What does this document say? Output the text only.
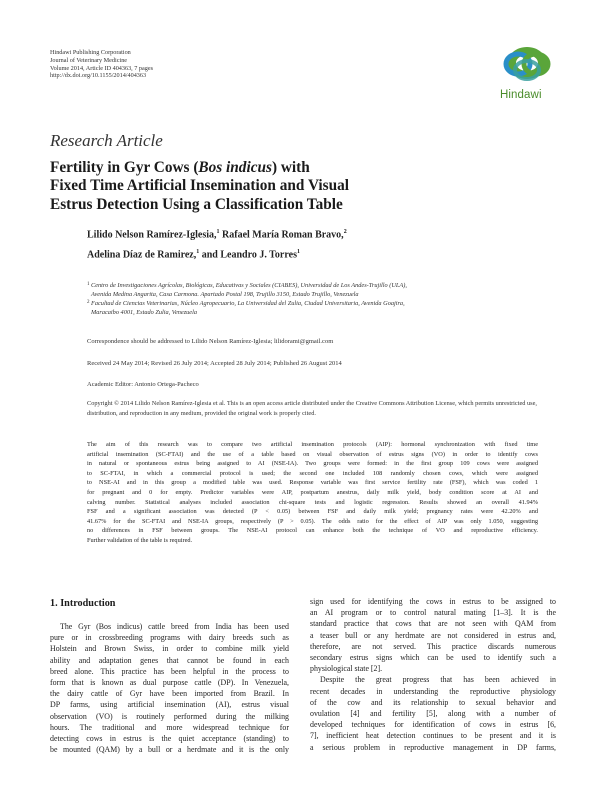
Hindawi Publishing Corporation
Journal of Veterinary Medicine
Volume 2014, Article ID 404363, 7 pages
http://dx.doi.org/10.1155/2014/404363
Hindawi
Research Article
Fertility in Gyr Cows (Bos indicus) with
Fixed Time Artificial Insemination and Visual
Estrus Detection Using a Classification Table
Lilido Nelson Ramírez-Iglesia,$^1$ Rafael María Roman Bravo,$^2$
Adelina Díaz de Ramirez,$^1$ and Leandro J. Torres$^1$
1 Centro de Investigaciones Agrícolas, Biológicas, Educativas y Sociales (CIABES), Universidad de Los Andes-Trujillo (ULA),
Avenida Medina Angarita, Casa Carmona. Apartado Postal 198, Trujillo 3150, Estado Trujillo, Venezuela
2 Facultad de Ciencias Veterinarias, Núcleo Agropecuario, La Universidad del Zulia, Ciudad Universitaria, Avenida Goajira,
Maracaibo 4001, Estado Zulia, Venezuela
Correspondence should be addressed to Lilido Nelson Ramírez-Iglesia; lilidorami@gmail.com
Received 24 May 2014; Revised 26 July 2014; Accepted 28 July 2014; Published 26 August 2014
Academic Editor: Antonio Ortega-Pacheco
Copyright © 2014 Lilido Nelson Ramírez-Iglesia et al. This is an open access article distributed under the Creative Commons Attribution License, which permits unrestricted use, distribution, and reproduction in any medium, provided the original work is properly cited.
The aim of this research was to compare two artificial insemination protocols (AIP): hormonal synchronization with fixed time
artificial insemination (SC-FTAI) and the use of a table based on visual observation of estrus signs (VO) in order to identify cows
in natural or spontaneous estrus being assigned to AI (NSE-IA). Two groups were formed: in the first group 109 cows were assigned
to SC-FTAI, in which a commercial protocol is used; the second one included 108 randomly chosen cows, which were assigned
to NSE-AI and in this group a modified table was used. Response variable was first service fertility rate (FSF), which was coded 1
for pregnant and 0 for empty. Predictor variables were AIP, postpartum anestrus, daily milk yield, body condition score at AI and
calving number. Statistical analyses included association chi-square tests and logistic regression. Results showed an overall 41.94%
FSF and a significant association was detected (P < 0.05) between FSF and daily milk yield; pregnancy rates were 42.20% and
41.67% for the SC-FTAI and NSE-IA groups, respectively (P > 0.05). The odds ratio for the effect of AIP was only 1.050, suggesting
no differences in FSF between groups. The NSE-AI protocol can enhance both the technique of VO and reproductive efficiency.
Further validation of the table is required.
1. Introduction
The Gyr (Bos indicus) cattle breed from India has been used
pure or in crossbreeding programs with dairy breeds such as
Holstein and Brown Swiss, in order to combine milk yield
ability and adaptation genes that cannot be found in each
breed alone. This practice has been helpful in the process to
form that is known as dual purpose cattle (DP). In Venezuela,
the dairy cattle of Gyr have been imported from Brazil. In
DP farms, using artificial insemination (AI), estrus visual
observation (VO) is routinely performed during the milking
hours. The traditional and more widespread technique for
detecting cows in estrus is the quiet acceptance (standing) to
be mounted (QAM) by a bull or a herdmate and it is the only
sign used for identifying the cows in estrus to be assigned to
an AI program or to control natural mating [1–3]. It is the
standard practice that cows that are not seen with QAM from
a teaser bull or any herdmate are not considered in estrus and,
therefore, are not served. This practice discards numerous
secondary estrus signs which can be used to identify such a
physiological state [2].
Despite the great progress that has been achieved in
recent decades in understanding the reproductive physiology
of the cow and its relationship to sexual behavior and
ovulation [4] and fertility [5], along with a number of
developed techniques for identification of cows in estrus [6,
7], inefficient heat detection continues to be present and it is
a serious problem in reproductive management in DP farms,
